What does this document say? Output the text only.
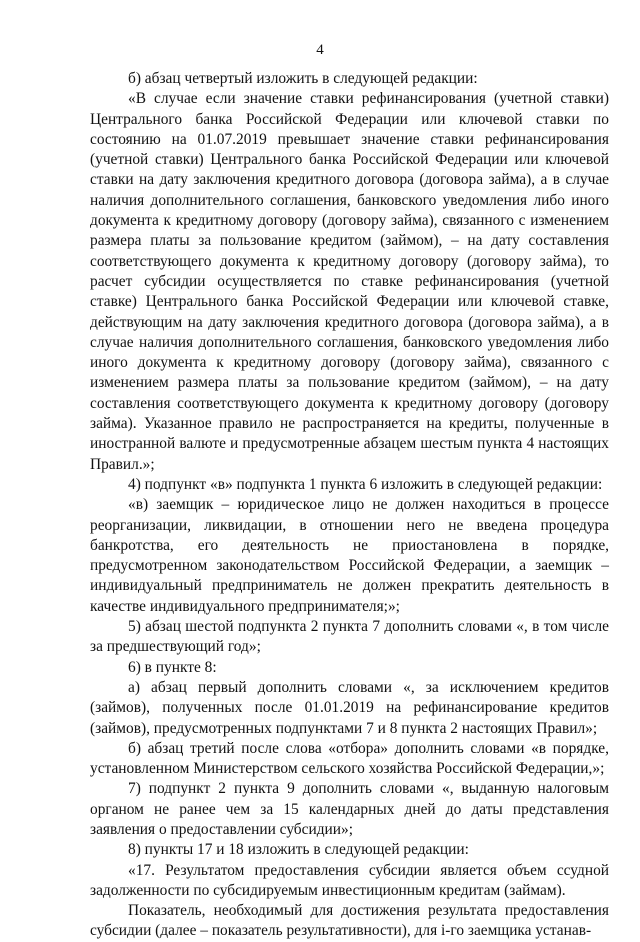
4

б) абзац четвертый изложить в следующей редакции:

«В случае если значение ставки рефинансирования (учетной ставки) Центрального банка Российской Федерации или ключевой ставки по состоянию на 01.07.2019 превышает значение ставки рефинансирования (учетной ставки) Центрального банка Российской Федерации или ключевой ставки на дату заключения кредитного договора (договора займа), а в случае наличия дополнительного соглашения, банковского уведомления либо иного документа к кредитному договору (договору займа), связанного с изменением размера платы за пользование кредитом (займом), – на дату составления соответствующего документа к кредитному договору (договору займа), то расчет субсидии осуществляется по ставке рефинансирования (учетной ставке) Центрального банка Российской Федерации или ключевой ставке, действующим на дату заключения кредитного договора (договора займа), а в случае наличия дополнительного соглашения, банковского уведомления либо иного документа к кредитному договору (договору займа), связанного с изменением размера платы за пользование кредитом (займом), – на дату составления соответствующего документа к кредитному договору (договору займа). Указанное правило не распространяется на кредиты, полученные в иностранной валюте и предусмотренные абзацем шестым пункта 4 настоящих Правил.»;

4) подпункт «в» подпункта 1 пункта 6 изложить в следующей редакции:

«в) заемщик – юридическое лицо не должен находиться в процессе реорганизации, ликвидации, в отношении него не введена процедура банкротства, его деятельность не приостановлена в порядке, предусмотренном законодательством Российской Федерации, а заемщик – индивидуальный предприниматель не должен прекратить деятельность в качестве индивидуального предпринимателя;»;

5) абзац шестой подпункта 2 пункта 7 дополнить словами «, в том числе за предшествующий год»;

6) в пункте 8:

а) абзац первый дополнить словами «, за исключением кредитов (займов), полученных после 01.01.2019 на рефинансирование кредитов (займов), предусмотренных подпунктами 7 и 8 пункта 2 настоящих Правил»;

б) абзац третий после слова «отбора» дополнить словами «в порядке, установленном Министерством сельского хозяйства Российской Федерации,»;

7) подпункт 2 пункта 9 дополнить словами «, выданную налоговым органом не ранее чем за 15 календарных дней до даты представления заявления о предоставлении субсидии»;

8) пункты 17 и 18 изложить в следующей редакции:

«17. Результатом предоставления субсидии является объем ссудной задолженности по субсидируемым инвестиционным кредитам (займам).

Показатель, необходимый для достижения результата предоставления субсидии (далее – показатель результативности), для i-го заемщика устанав-
